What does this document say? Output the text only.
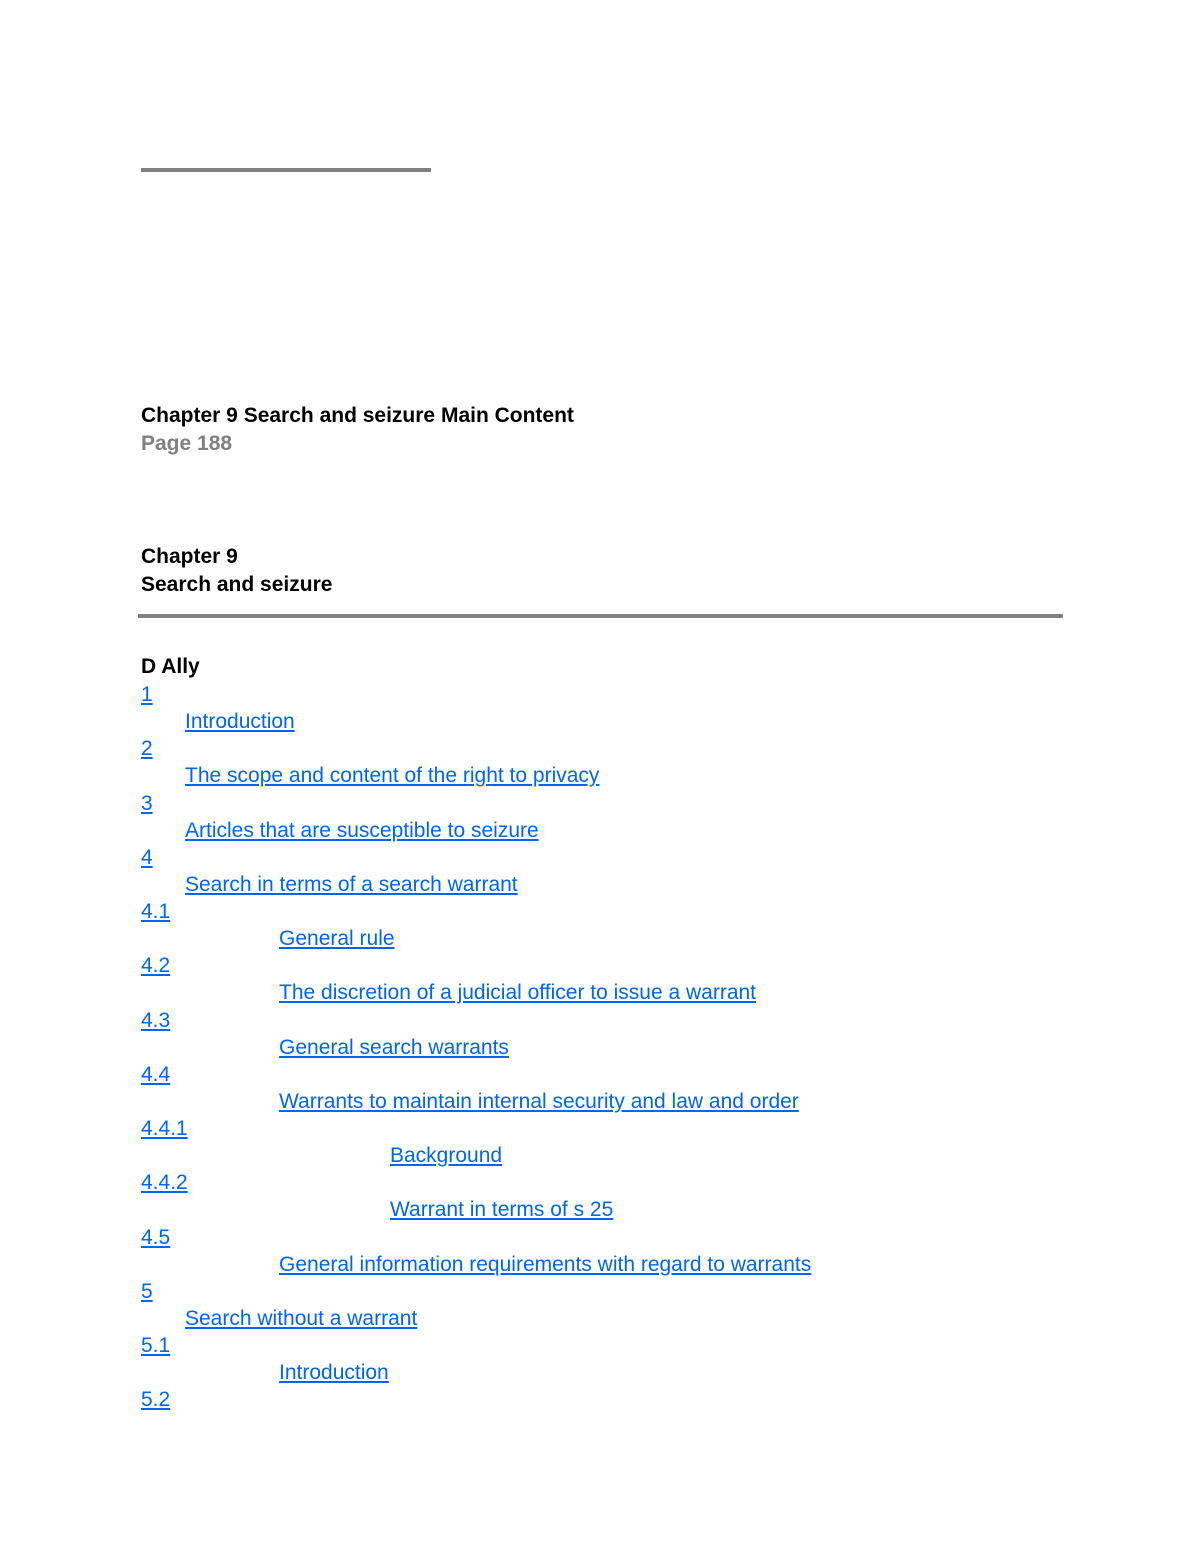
Chapter 9 Search and seizure Main Content
Page 188
Chapter 9
Search and seizure
D Ally
1
Introduction
2
The scope and content of the right to privacy
3
Articles that are susceptible to seizure
4
Search in terms of a search warrant
4.1
General rule
4.2
The discretion of a judicial officer to issue a warrant
4.3
General search warrants
4.4
Warrants to maintain internal security and law and order
4.4.1
Background
4.4.2
Warrant in terms of s 25
4.5
General information requirements with regard to warrants
5
Search without a warrant
5.1
Introduction
5.2
